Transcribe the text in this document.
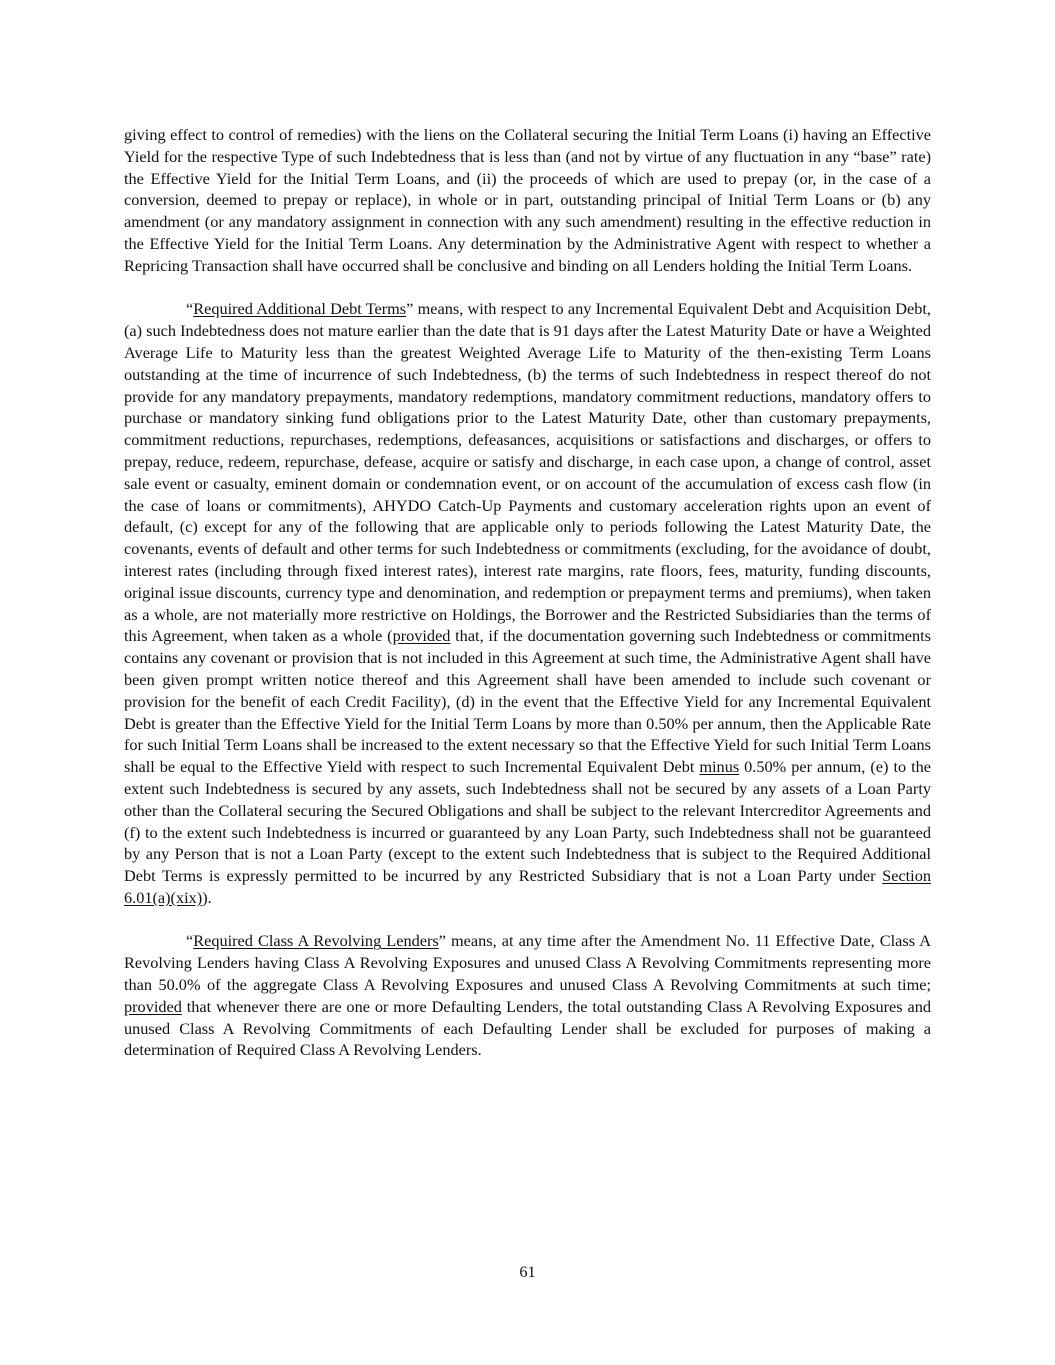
giving effect to control of remedies) with the liens on the Collateral securing the Initial Term Loans (i) having an Effective Yield for the respective Type of such Indebtedness that is less than (and not by virtue of any fluctuation in any “base” rate) the Effective Yield for the Initial Term Loans, and (ii) the proceeds of which are used to prepay (or, in the case of a conversion, deemed to prepay or replace), in whole or in part, outstanding principal of Initial Term Loans or (b) any amendment (or any mandatory assignment in connection with any such amendment) resulting in the effective reduction in the Effective Yield for the Initial Term Loans. Any determination by the Administrative Agent with respect to whether a Repricing Transaction shall have occurred shall be conclusive and binding on all Lenders holding the Initial Term Loans.

“Required Additional Debt Terms” means, with respect to any Incremental Equivalent Debt and Acquisition Debt, (a) such Indebtedness does not mature earlier than the date that is 91 days after the Latest Maturity Date or have a Weighted Average Life to Maturity less than the greatest Weighted Average Life to Maturity of the then-existing Term Loans outstanding at the time of incurrence of such Indebtedness, (b) the terms of such Indebtedness in respect thereof do not provide for any mandatory prepayments, mandatory redemptions, mandatory commitment reductions, mandatory offers to purchase or mandatory sinking fund obligations prior to the Latest Maturity Date, other than customary prepayments, commitment reductions, repurchases, redemptions, defeasances, acquisitions or satisfactions and discharges, or offers to prepay, reduce, redeem, repurchase, defease, acquire or satisfy and discharge, in each case upon, a change of control, asset sale event or casualty, eminent domain or condemnation event, or on account of the accumulation of excess cash flow (in the case of loans or commitments), AHYDO Catch-Up Payments and customary acceleration rights upon an event of default, (c) except for any of the following that are applicable only to periods following the Latest Maturity Date, the covenants, events of default and other terms for such Indebtedness or commitments (excluding, for the avoidance of doubt, interest rates (including through fixed interest rates), interest rate margins, rate floors, fees, maturity, funding discounts, original issue discounts, currency type and denomination, and redemption or prepayment terms and premiums), when taken as a whole, are not materially more restrictive on Holdings, the Borrower and the Restricted Subsidiaries than the terms of this Agreement, when taken as a whole (provided that, if the documentation governing such Indebtedness or commitments contains any covenant or provision that is not included in this Agreement at such time, the Administrative Agent shall have been given prompt written notice thereof and this Agreement shall have been amended to include such covenant or provision for the benefit of each Credit Facility), (d) in the event that the Effective Yield for any Incremental Equivalent Debt is greater than the Effective Yield for the Initial Term Loans by more than 0.50% per annum, then the Applicable Rate for such Initial Term Loans shall be increased to the extent necessary so that the Effective Yield for such Initial Term Loans shall be equal to the Effective Yield with respect to such Incremental Equivalent Debt minus 0.50% per annum, (e) to the extent such Indebtedness is secured by any assets, such Indebtedness shall not be secured by any assets of a Loan Party other than the Collateral securing the Secured Obligations and shall be subject to the relevant Intercreditor Agreements and (f) to the extent such Indebtedness is incurred or guaranteed by any Loan Party, such Indebtedness shall not be guaranteed by any Person that is not a Loan Party (except to the extent such Indebtedness that is subject to the Required Additional Debt Terms is expressly permitted to be incurred by any Restricted Subsidiary that is not a Loan Party under Section 6.01(a)(xix)).

“Required Class A Revolving Lenders” means, at any time after the Amendment No. 11 Effective Date, Class A Revolving Lenders having Class A Revolving Exposures and unused Class A Revolving Commitments representing more than 50.0% of the aggregate Class A Revolving Exposures and unused Class A Revolving Commitments at such time; provided that whenever there are one or more Defaulting Lenders, the total outstanding Class A Revolving Exposures and unused Class A Revolving Commitments of each Defaulting Lender shall be excluded for purposes of making a determination of Required Class A Revolving Lenders.

61
